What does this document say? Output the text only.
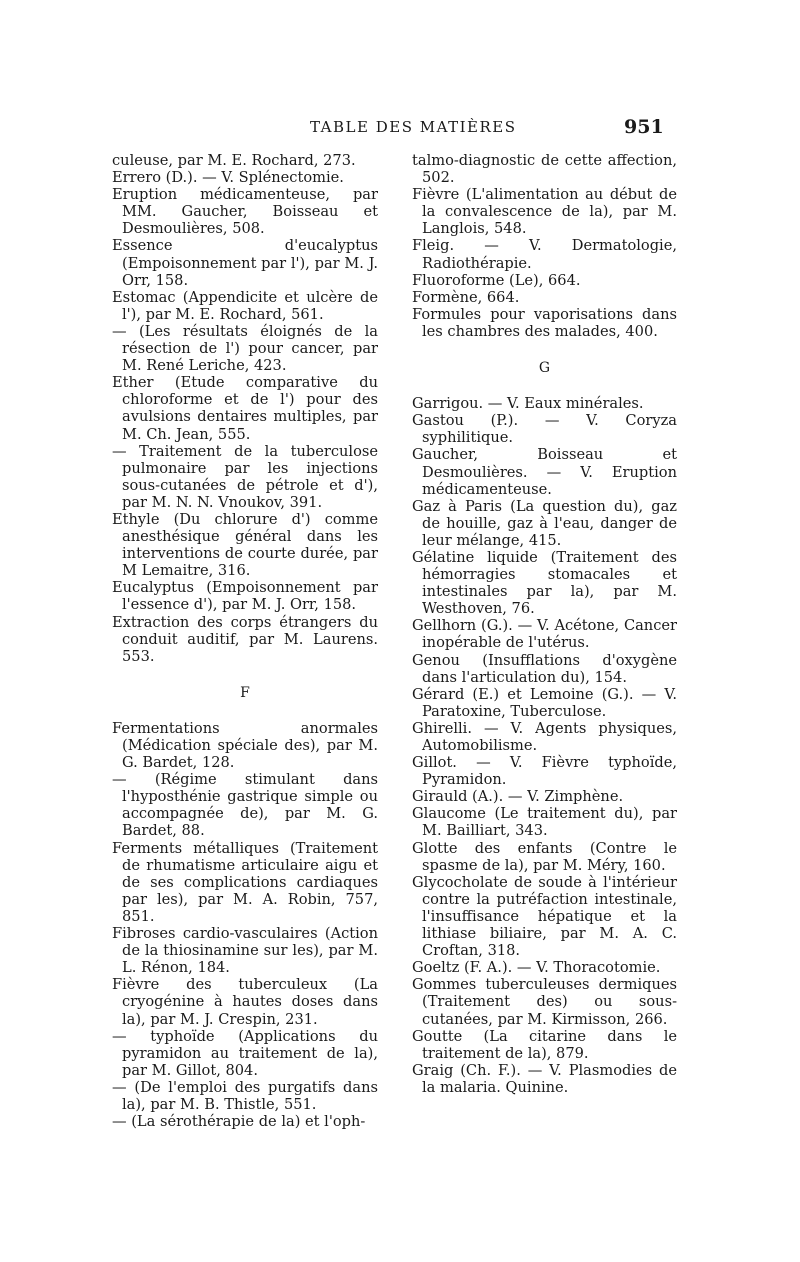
TABLE DES MATIÈRES	951

culeuse, par M. E. Rochard, 273.

Errero (D.). — V. Splénectomie.

Eruption médicamenteuse, par MM. Gaucher, Boisseau et Desmoulières, 508.

Essence d'eucalyptus (Empoisonnement par l'), par M. J. Orr, 158.

Estomac (Appendicite et ulcère de l'), par M. E. Rochard, 561.

— (Les résultats éloignés de la résection de l') pour cancer, par M. René Leriche, 423.

Ether (Etude comparative du chloroforme et de l') pour des avulsions dentaires multiples, par M. Ch. Jean, 555.

— Traitement de la tuberculose pulmonaire par les injections sous-cutanées de pétrole et d'), par M. N. N. Vnoukov, 391.

Ethyle (Du chlorure d') comme anesthésique général dans les interventions de courte durée, par M Lemaitre, 316.

Eucalyptus (Empoisonnement par l'essence d'), par M. J. Orr, 158.

Extraction des corps étrangers du conduit auditif, par M. Laurens. 553.

F

Fermentations anormales (Médication spéciale des), par M. G. Bardet, 128.

— (Régime stimulant dans l'hyposthénie gastrique simple ou accompagnée de), par M. G. Bardet, 88.

Ferments métalliques (Traitement de rhumatisme articulaire aigu et de ses complications cardiaques par les), par M. A. Robin, 757, 851.

Fibroses cardio-vasculaires (Action de la thiosinamine sur les), par M. L. Rénon, 184.

Fièvre des tuberculeux (La cryogénine à hautes doses dans la), par M. J. Crespin, 231.

— typhoïde (Applications du pyramidon au traitement de la), par M. Gillot, 804.

— (De l'emploi des purgatifs dans la), par M. B. Thistle, 551.

— (La sérothérapie de la) et l'oph-

talmo-diagnostic de cette affection, 502.

Fièvre (L'alimentation au début de la convalescence de la), par M. Langlois, 548.

Fleig. — V. Dermatologie, Radiothérapie.

Fluoroforme (Le), 664.

Formène, 664.

Formules pour vaporisations dans les chambres des malades, 400.

G

Garrigou. — V. Eaux minérales.

Gastou (P.). — V. Coryza syphilitique.

Gaucher, Boisseau et Desmoulières. — V. Eruption médicamenteuse.

Gaz à Paris (La question du), gaz de houille, gaz à l'eau, danger de leur mélange, 415.

Gélatine liquide (Traitement des hémorragies stomacales et intestinales par la), par M. Westhoven, 76.

Gellhorn (G.). — V. Acétone, Cancer inopérable de l'utérus.

Genou (Insufflations d'oxygène dans l'articulation du), 154.

Gérard (E.) et Lemoine (G.). — V. Paratoxine, Tuberculose.

Ghirelli. — V. Agents physiques, Automobilisme.

Gillot. — V. Fièvre typhoïde, Pyramidon.

Girauld (A.). — V. Zimphène.

Glaucome (Le traitement du), par M. Bailliart, 343.

Glotte des enfants (Contre le spasme de la), par M. Méry, 160.

Glycocholate de soude à l'intérieur contre la putréfaction intestinale, l'insuffisance hépatique et la lithiase biliaire, par M. A. C. Croftan, 318.

Goeltz (F. A.). — V. Thoracotomie.

Gommes tuberculeuses dermiques (Traitement des) ou sous-cutanées, par M. Kirmisson, 266.

Goutte (La citarine dans le traitement de la), 879.

Graig (Ch. F.). — V. Plasmodies de la malaria. Quinine.
